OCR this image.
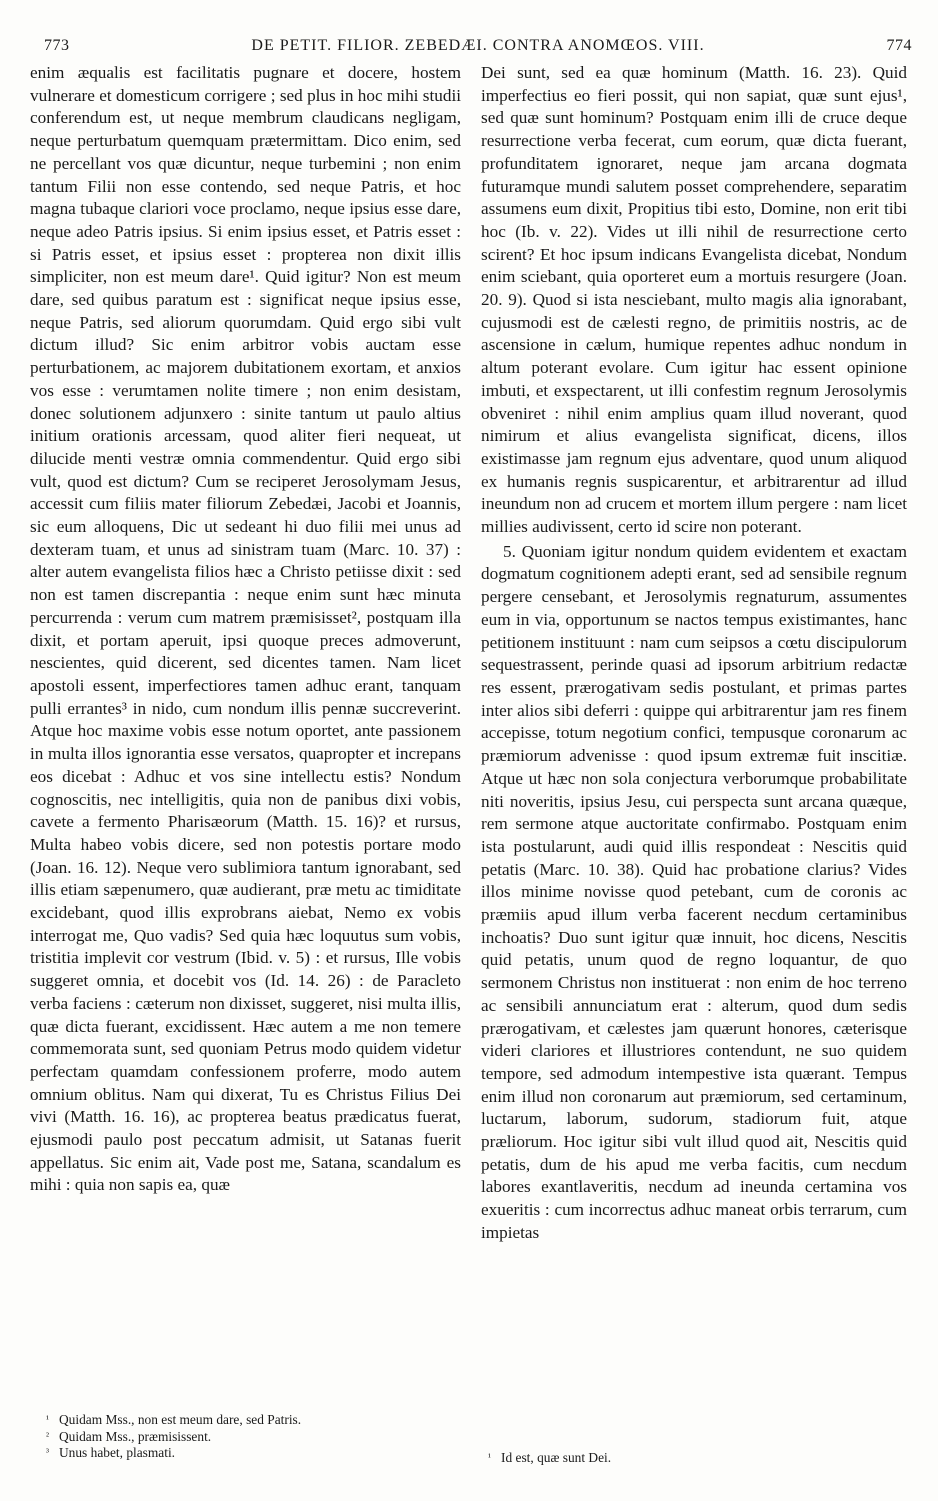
773	DE PETIT. FILIOR. ZEBEDÆI. CONTRA ANOMŒOS. VIII.	774

enim æqualis est facilitatis pugnare et docere, hostem vulnerare et domesticum corrigere ; sed plus in hoc mihi studii conferendum est, ut neque membrum claudicans negligam, neque perturbatum quemquam prætermittam. Dico enim, sed ne percellant vos quæ dicuntur, neque turbemini ; non enim tantum Filii non esse contendo, sed neque Patris, et hoc magna tubaque clariori voce proclamo, neque ipsius esse dare, neque adeo Patris ipsius. Si enim ipsius esset, et Patris esset : si Patris esset, et ipsius esset : propterea non dixit illis simpliciter, non est meum dare¹. Quid igitur? Non est meum dare, sed quibus paratum est : significat neque ipsius esse, neque Patris, sed aliorum quorumdam. Quid ergo sibi vult dictum illud? Sic enim arbitror vobis auctam esse perturbationem, ac majorem dubitationem exortam, et anxios vos esse : verumtamen nolite timere ; non enim desistam, donec solutionem adjunxero : sinite tantum ut paulo altius initium orationis arcessam, quod aliter fieri nequeat, ut dilucide menti vestræ omnia commendentur. Quid ergo sibi vult, quod est dictum? Cum se reciperet Jerosolymam Jesus, accessit cum filiis mater filiorum Zebedæi, Jacobi et Joannis, sic eum alloquens, Dic ut sedeant hi duo filii mei unus ad dexteram tuam, et unus ad sinistram tuam (Marc. 10. 37) : alter autem evangelista filios hæc a Christo petiisse dixit : sed non est tamen discrepantia : neque enim sunt hæc minuta percurrenda : verum cum matrem præmisisset², postquam illa dixit, et portam aperuit, ipsi quoque preces admoverunt, nescientes, quid dicerent, sed dicentes tamen. Nam licet apostoli essent, imperfectiores tamen adhuc erant, tanquam pulli errantes³ in nido, cum nondum illis pennæ succreverint. Atque hoc maxime vobis esse notum oportet, ante passionem in multa illos ignorantia esse versatos, quapropter et increpans eos dicebat : Adhuc et vos sine intellectu estis? Nondum cognoscitis, nec intelligitis, quia non de panibus dixi vobis, cavete a fermento Pharisæorum (Matth. 15. 16)? et rursus, Multa habeo vobis dicere, sed non potestis portare modo (Joan. 16. 12). Neque vero sublimiora tantum ignorabant, sed illis etiam sæpenumero, quæ audierant, præ metu ac timiditate excidebant, quod illis exprobrans aiebat, Nemo ex vobis interrogat me, Quo vadis? Sed quia hæc loquutus sum vobis, tristitia implevit cor vestrum (Ibid. v. 5) : et rursus, Ille vobis suggeret omnia, et docebit vos (Id. 14. 26) : de Paracleto verba faciens : cæterum non dixisset, suggeret, nisi multa illis, quæ dicta fuerant, excidissent. Hæc autem a me non temere commemorata sunt, sed quoniam Petrus modo quidem videtur perfectam quamdam confessionem proferre, modo autem omnium oblitus. Nam qui dixerat, Tu es Christus Filius Dei vivi (Matth. 16. 16), ac propterea beatus prædicatus fuerat, ejusmodi paulo post peccatum admisit, ut Satanas fuerit appellatus. Sic enim ait, Vade post me, Satana, scandalum es mihi : quia non sapis ea, quæ

Dei sunt, sed ea quæ hominum (Matth. 16. 23). Quid imperfectius eo fieri possit, qui non sapiat, quæ sunt ejus¹, sed quæ sunt hominum? Postquam enim illi de cruce deque resurrectione verba fecerat, cum eorum, quæ dicta fuerant, profunditatem ignoraret, neque jam arcana dogmata futuramque mundi salutem posset comprehendere, separatim assumens eum dixit, Propitius tibi esto, Domine, non erit tibi hoc (Ib. v. 22). Vides ut illi nihil de resurrectione certo scirent? Et hoc ipsum indicans Evangelista dicebat, Nondum enim sciebant, quia oporteret eum a mortuis resurgere (Joan. 20. 9). Quod si ista nesciebant, multo magis alia ignorabant, cujusmodi est de cælesti regno, de primitiis nostris, ac de ascensione in cælum, humique repentes adhuc nondum in altum poterant evolare. Cum igitur hac essent opinione imbuti, et exspectarent, ut illi confestim regnum Jerosolymis obveniret : nihil enim amplius quam illud noverant, quod nimirum et alius evangelista significat, dicens, illos existimasse jam regnum ejus adventare, quod unum aliquod ex humanis regnis suspicarentur, et arbitrarentur ad illud ineundum non ad crucem et mortem illum pergere : nam licet millies audivissent, certo id scire non poterant.

5. Quoniam igitur nondum quidem evidentem et exactam dogmatum cognitionem adepti erant, sed ad sensibile regnum pergere censebant, et Jerosolymis regnaturum, assumentes eum in via, opportunum se nactos tempus existimantes, hanc petitionem instituunt : nam cum seipsos a cœtu discipulorum sequestrassent, perinde quasi ad ipsorum arbitrium redactæ res essent, prærogativam sedis postulant, et primas partes inter alios sibi deferri : quippe qui arbitrarentur jam res finem accepisse, totum negotium confici, tempusque coronarum ac præmiorum advenisse : quod ipsum extremæ fuit inscitiæ. Atque ut hæc non sola conjectura verborumque probabilitate niti noveritis, ipsius Jesu, cui perspecta sunt arcana quæque, rem sermone atque auctoritate confirmabo. Postquam enim ista postularunt, audi quid illis respondeat : Nescitis quid petatis (Marc. 10. 38). Quid hac probatione clarius? Vides illos minime novisse quod petebant, cum de coronis ac præmiis apud illum verba facerent necdum certaminibus inchoatis? Duo sunt igitur quæ innuit, hoc dicens, Nescitis quid petatis, unum quod de regno loquantur, de quo sermonem Christus non instituerat : non enim de hoc terreno ac sensibili annunciatum erat : alterum, quod dum sedis prærogativam, et cælestes jam quærunt honores, cæterisque videri clariores et illustriores contendunt, ne suo quidem tempore, sed admodum intempestive ista quærant. Tempus enim illud non coronarum aut præmiorum, sed certaminum, luctarum, laborum, sudorum, stadiorum fuit, atque præliorum. Hoc igitur sibi vult illud quod ait, Nescitis quid petatis, dum de his apud me verba facitis, cum necdum labores exantlaveritis, necdum ad ineunda certamina vos exueritis : cum incorrectus adhuc maneat orbis terrarum, cum impietas

¹ Quidam Mss., non est meum dare, sed Patris.
² Quidam Mss., præmisissent.
³ Unus habet, plasmati.	¹ Id est, quæ sunt Dei.
